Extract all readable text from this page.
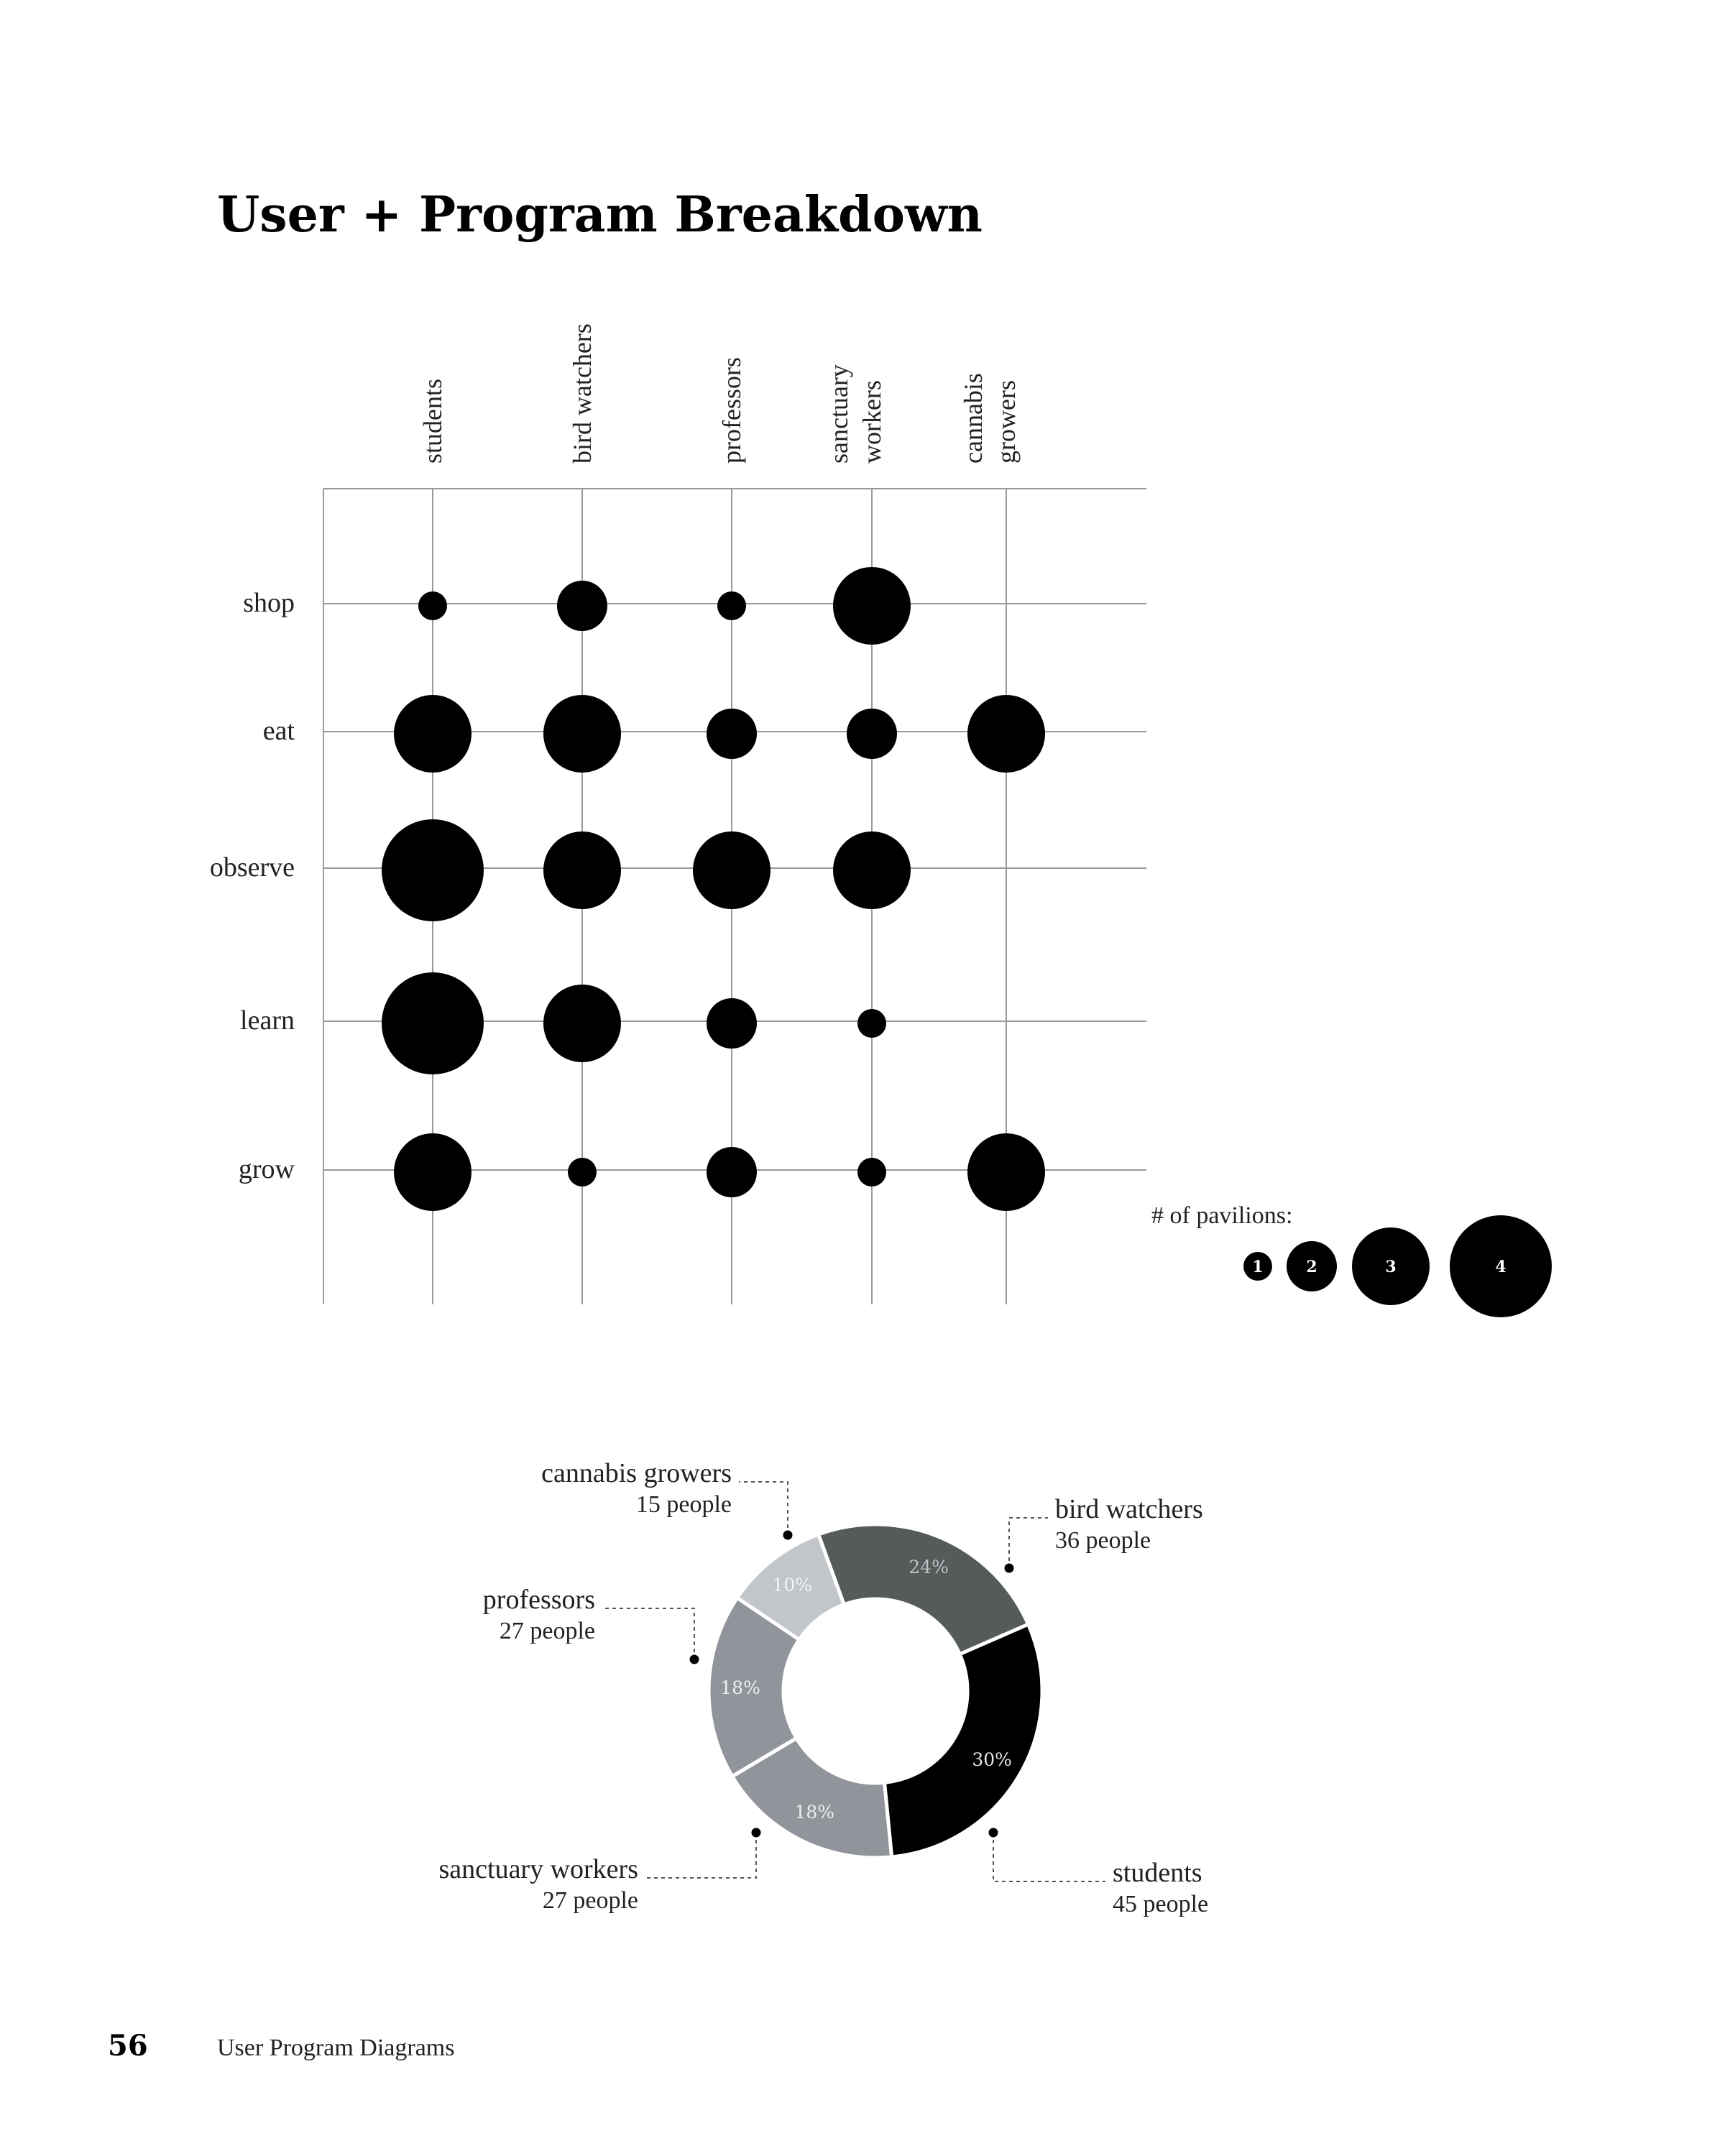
User + Program Breakdown
students	bird watchers	professors	sanctuary workers	cannabis growers
shop
eat
observe
learn
grow
# of pavilions:
1	2	3	4
24%
30%
18%
18%
10%
bird watchers
36 people
students
45 people
sanctuary workers
27 people
professors
27 people
cannabis growers
15 people
56	User Program Diagrams
